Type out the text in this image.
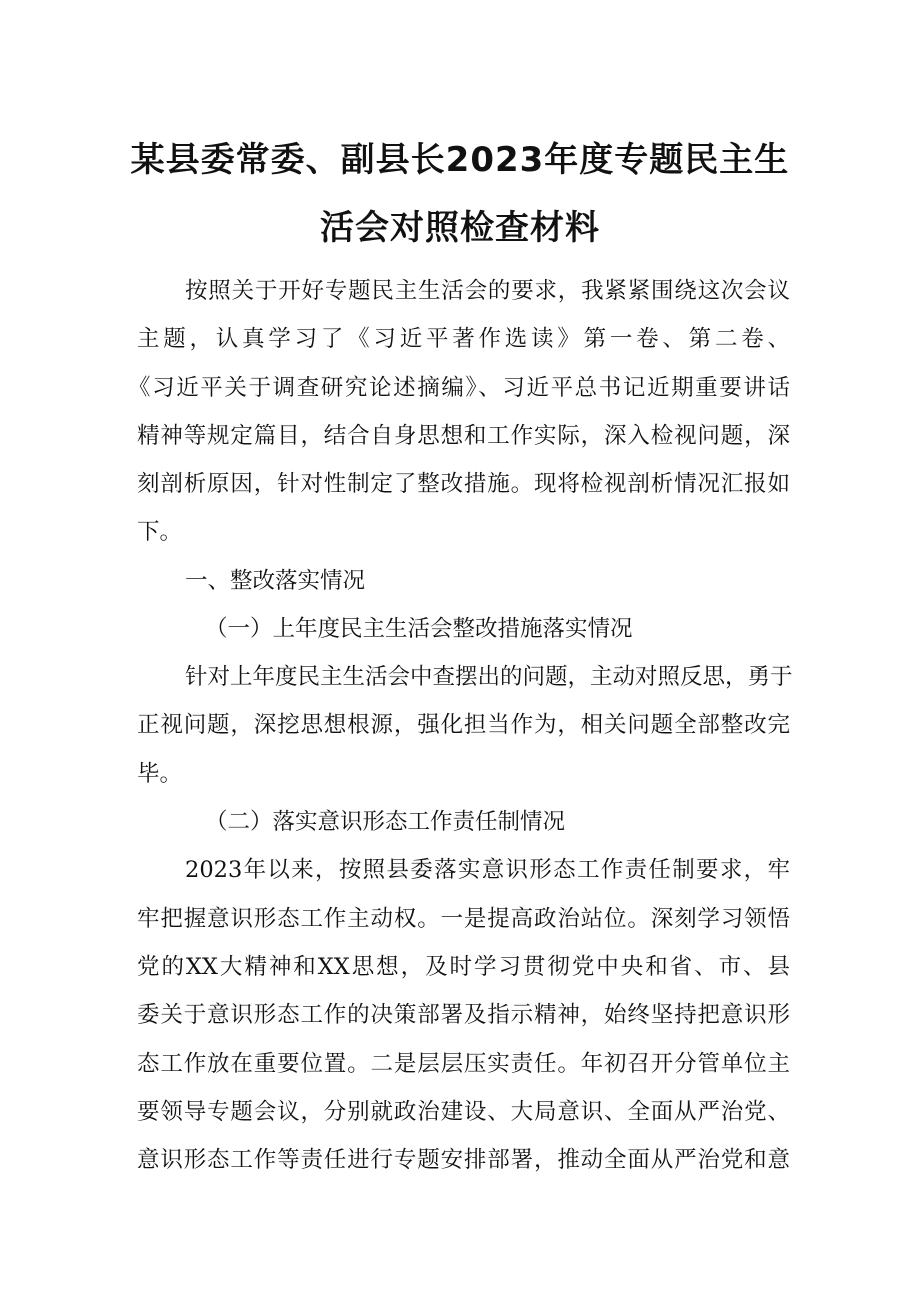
某县委常委、副县长2023年度专题民主生
活会对照检查材料
按照关于开好专题民主生活会的要求，我紧紧围绕这次会议
主题，认真学习了《习近平著作选读》第一卷、第二卷、
《习近平关于调查研究论述摘编》、习近平总书记近期重要讲话
精神等规定篇目，结合自身思想和工作实际，深入检视问题，深
刻剖析原因，针对性制定了整改措施。现将检视剖析情况汇报如
下。
一、整改落实情况
（一）上年度民主生活会整改措施落实情况
针对上年度民主生活会中查摆出的问题，主动对照反思，勇于
正视问题，深挖思想根源，强化担当作为，相关问题全部整改完
毕。
（二）落实意识形态工作责任制情况
2023年以来，按照县委落实意识形态工作责任制要求，牢
牢把握意识形态工作主动权。一是提高政治站位。深刻学习领悟
党的XX大精神和XX思想，及时学习贯彻党中央和省、市、县
委关于意识形态工作的决策部署及指示精神，始终坚持把意识形
态工作放在重要位置。二是层层压实责任。年初召开分管单位主
要领导专题会议，分别就政治建设、大局意识、全面从严治党、
意识形态工作等责任进行专题安排部署，推动全面从严治党和意
